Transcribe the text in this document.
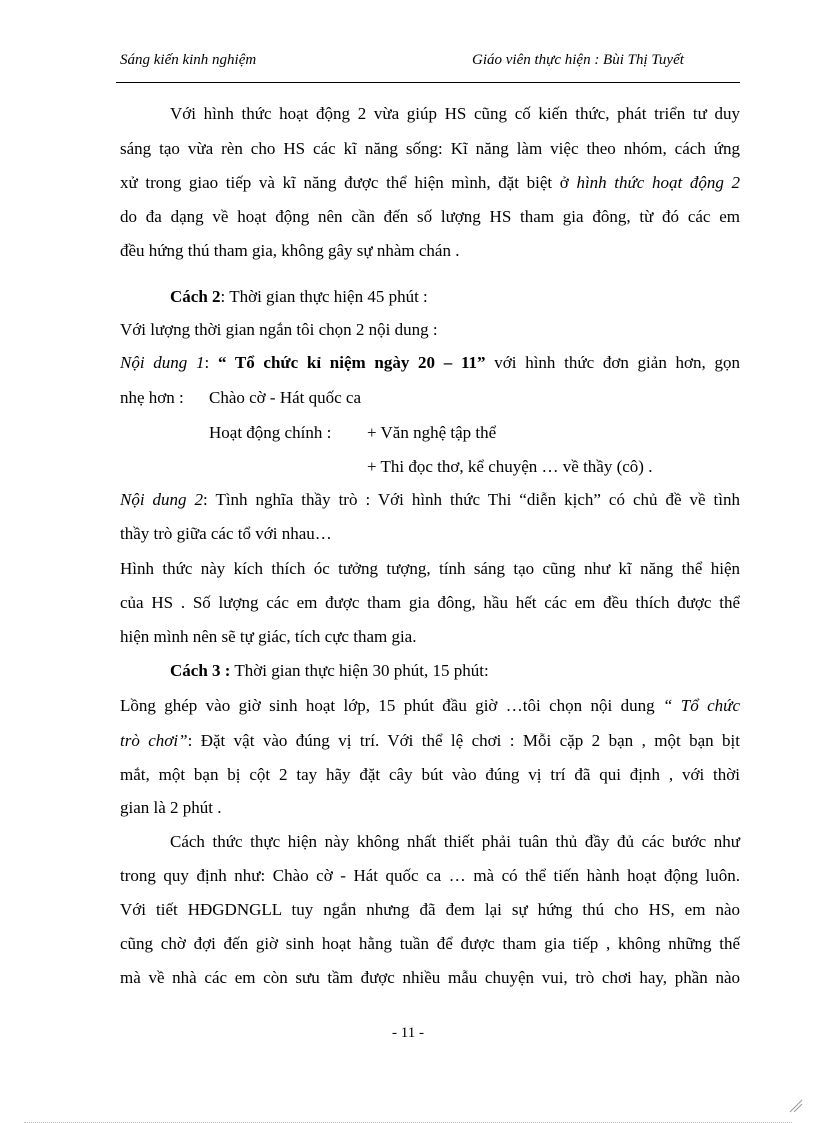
Sáng kiến kinh nghiệm	Giáo viên thực hiện : Bùi Thị Tuyết
Với hình thức hoạt động 2 vừa giúp HS cũng cố kiến thức, phát triển tư duy
sáng tạo vừa rèn cho HS các kĩ năng sống: Kĩ năng làm việc theo nhóm, cách ứng
xử trong giao tiếp và kĩ năng được thể hiện mình, đặt biệt ở hình thức hoạt động 2
do đa dạng về hoạt động nên cần đến số lượng HS tham gia đông, từ đó các em
đều hứng thú tham gia, không gây sự nhàm chán .
Cách 2: Thời gian thực hiện 45 phút :
Với lượng thời gian ngắn tôi chọn 2 nội dung :
Nội dung 1: “ Tổ chức kỉ niệm ngày 20 – 11” với hình thức đơn giản hơn, gọn
nhẹ hơn :	Chào cờ - Hát quốc ca
Hoạt động chính :	+ Văn nghệ tập thể
+ Thi đọc thơ, kể chuyện … về thầy (cô) .
Nội dung 2: Tình nghĩa thầy trò : Với hình thức Thi “diễn kịch” có chủ đề về tình
thầy trò giữa các tổ với nhau…
Hình thức này kích thích óc tưởng tượng, tính sáng tạo cũng như kĩ năng thể hiện
của HS . Số lượng các em được tham gia đông, hầu hết các em đều thích được thể
hiện mình nên sẽ tự giác, tích cực tham gia.
Cách 3 : Thời gian thực hiện 30 phút, 15 phút:
Lồng ghép vào giờ sinh hoạt lớp, 15 phút đầu giờ …tôi chọn nội dung “ Tổ chức
trò chơi”: Đặt vật vào đúng vị trí. Với thể lệ chơi : Mỗi cặp 2 bạn , một bạn bịt
mắt, một bạn bị cột 2 tay hãy đặt cây bút vào đúng vị trí đã qui định , với thời
gian là 2 phút .
Cách thức thực hiện này không nhất thiết phải tuân thủ đầy đủ các bước như
trong quy định như: Chào cờ - Hát quốc ca … mà có thể tiến hành hoạt động luôn.
Với tiết HĐGDNGLL tuy ngắn nhưng đã đem lại sự hứng thú cho HS, em nào
cũng chờ đợi đến giờ sinh hoạt hằng tuần để được tham gia tiếp , không những thế
mà về nhà các em còn sưu tầm được nhiều mẫu chuyện vui, trò chơi hay, phần nào
- 11 -
